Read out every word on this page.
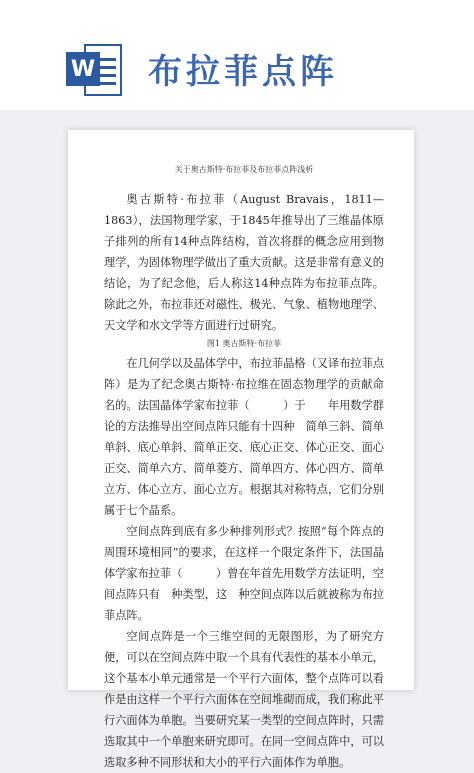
W 布拉菲点阵
关于奥古斯特·布拉菲及布拉菲点阵浅析

奥古斯特·布拉菲（August Bravais，1811—1863），法国物理学家，于1845年推导出了三维晶体原子排列的所有14种点阵结构，首次将群的概念应用到物理学，为固体物理学做出了重大贡献。这是非常有意义的结论，为了纪念他，后人称这14种点阵为布拉菲点阵。除此之外，布拉菲还对磁性、极光、气象、植物地理学、天文学和水文学等方面进行过研究。

图1 奥古斯特·布拉菲

在几何学以及晶体学中，布拉菲晶格（又译布拉菲点阵）是为了纪念奥古斯特·布拉维在固态物理学的贡献命名的。法国晶体学家布拉菲（　　　）于　　年用数学群论的方法推导出空间点阵只能有十四种　简单三斜、简单单斜、底心单斜、简单正交、底心正交、体心正交、面心正交、简单六方、简单菱方、简单四方、体心四方、简单立方、体心立方、面心立方。根据其对称特点，它们分别属于七个晶系。

空间点阵到底有多少种排列形式？按照“每个阵点的周围环境相同”的要求，在这样一个限定条件下，法国晶体学家布拉菲（　　　）曾在年首先用数学方法证明，空间点阵只有　种类型，这　种空间点阵以后就被称为布拉菲点阵。

空间点阵是一个三维空间的无限图形，为了研究方便，可以在空间点阵中取一个具有代表性的基本小单元，这个基本小单元通常是一个平行六面体，整个点阵可以看作是由这样一个平行六面体在空间堆砌而成，我们称此平行六面体为单胞。当要研究某一类型的空间点阵时，只需选取其中一个单胞来研究即可。在同一空间点阵中，可以选取多种不同形状和大小的平行六面体作为单胞。
